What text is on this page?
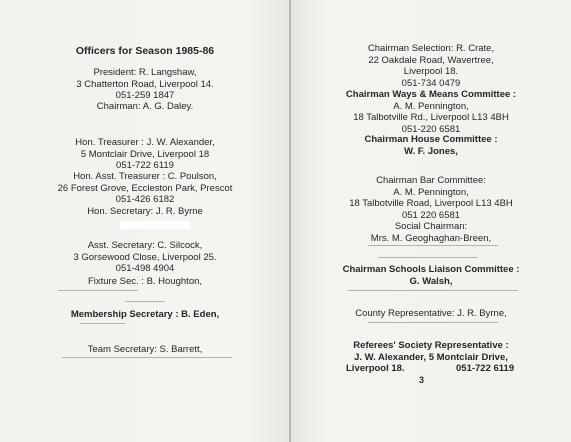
Officers for Season 1985-86
President: R. Langshaw,
3 Chatterton Road, Liverpool 14.
051-259 1847
Chairman: A. G. Daley.
Hon. Treasurer : J. W. Alexander,
5 Montclair Drive, Liverpool 18
051-722 6119
Hon. Asst. Treasurer : C. Poulson,
26 Forest Grove, Eccleston Park, Prescot
051-426 6182
Hon. Secretary: J. R. Byrne
Asst. Secretary: C. Silcock,
3 Gorsewood Close, Liverpool 25.
051-498 4904
Fixture Sec. : B. Houghton,
Membership Secretary : B. Eden,
Team Secretary: S. Barrett,
Chairman Selection: R. Crate,
22 Oakdale Road, Wavertree,
Liverpool 18.
051-734 0479
Chairman Ways & Means Committee :
A. M. Pennington,
18 Talbotville Rd., Liverpool L13 4BH
051-220 6581
Chairman House Committee :
W. F. Jones,
Chairman Bar Committee:
A. M. Pennington,
18 Talbotville Road, Liverpool L13 4BH
051 220 6581
Social Chairman:
Mrs. M. Geoghaghan-Breen,
Chairman Schools Liaison Committee :
G. Walsh,
County Representative: J. R. Byrne,
Referees' Society Representative :
J. W. Alexander, 5 Montclair Drive,
Liverpool 18.	051-722 6119
3
